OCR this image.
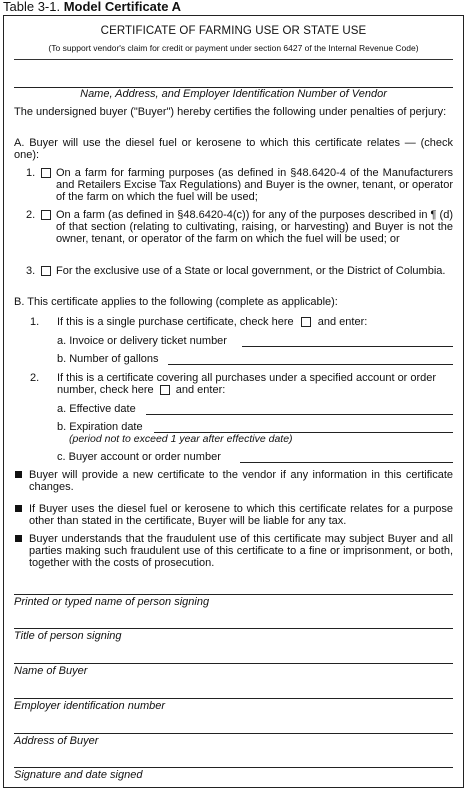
Table 3-1. Model Certificate A
CERTIFICATE OF FARMING USE OR STATE USE
(To support vendor's claim for credit or payment under section 6427 of the Internal Revenue Code)
Name, Address, and Employer Identification Number of Vendor
The undersigned buyer ("Buyer") hereby certifies the following under penalties of perjury:
A. Buyer will use the diesel fuel or kerosene to which this certificate relates — (check one):
1. On a farm for farming purposes (as defined in §48.6420-4 of the Manufacturers and Retailers Excise Tax Regulations) and Buyer is the owner, tenant, or operator of the farm on which the fuel will be used;
2. On a farm (as defined in §48.6420-4(c)) for any of the purposes described in ¶ (d) of that section (relating to cultivating, raising, or harvesting) and Buyer is not the owner, tenant, or operator of the farm on which the fuel will be used; or
3. For the exclusive use of a State or local government, or the District of Columbia.
B. This certificate applies to the following (complete as applicable):
1. If this is a single purchase certificate, check here and enter:
a. Invoice or delivery ticket number
b. Number of gallons
2. If this is a certificate covering all purchases under a specified account or order
number, check here and enter:
a. Effective date
b. Expiration date
(period not to exceed 1 year after effective date)
c. Buyer account or order number
Buyer will provide a new certificate to the vendor if any information in this certificate changes.
If Buyer uses the diesel fuel or kerosene to which this certificate relates for a purpose other than stated in the certificate, Buyer will be liable for any tax.
Buyer understands that the fraudulent use of this certificate may subject Buyer and all parties making such fraudulent use of this certificate to a fine or imprisonment, or both, together with the costs of prosecution.
Printed or typed name of person signing
Title of person signing
Name of Buyer
Employer identification number
Address of Buyer
Signature and date signed
